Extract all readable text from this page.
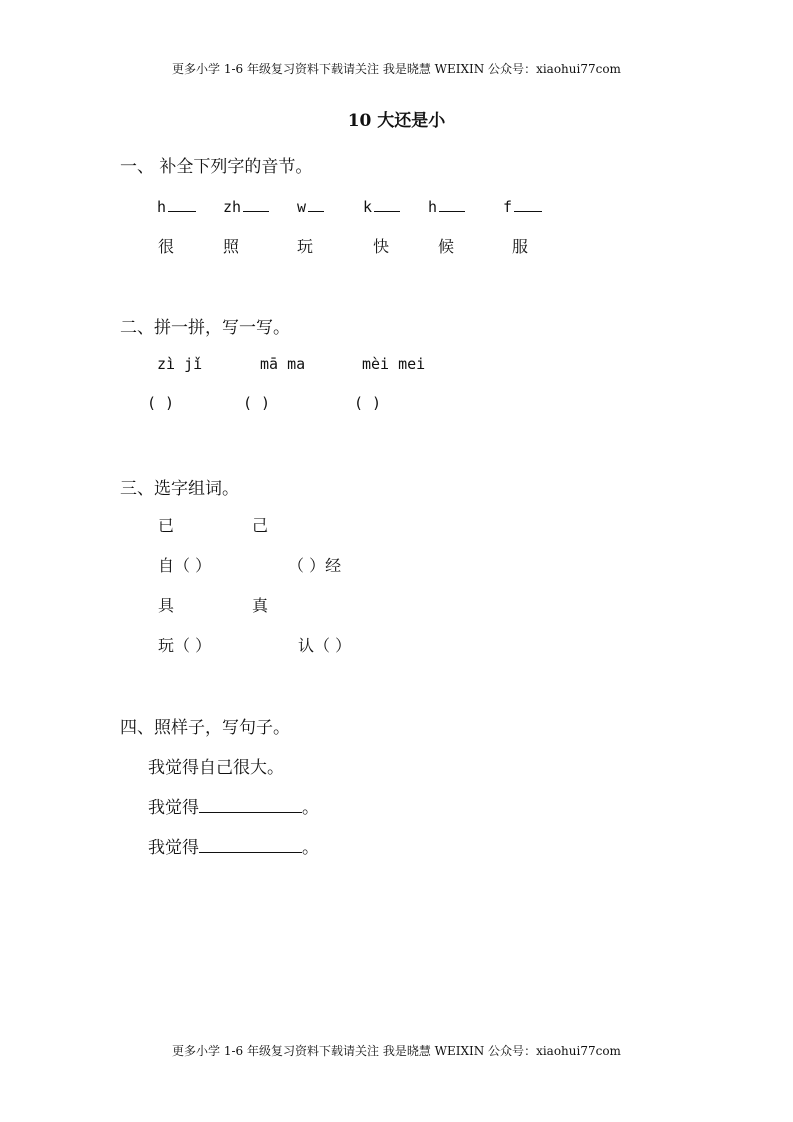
更多小学 1-6 年级复习资料下载请关注 我是晓慧 WEIXIN 公众号：xiaohui77com
10 大还是小
一、 补全下列字的音节。
h	zh	w	k	h	f
很	照	玩	快	候	服
二、拼一拼，写一写。
zì jǐ	mā ma	mèi mei
( )	( )	( )
三、选字组词。
已	己
自（ ）	（ ）经
具	真
玩（ ）	认（ ）
四、照样子，写句子。
我觉得自己很大。
我觉得	。
我觉得	。
更多小学 1-6 年级复习资料下载请关注 我是晓慧 WEIXIN 公众号：xiaohui77com
